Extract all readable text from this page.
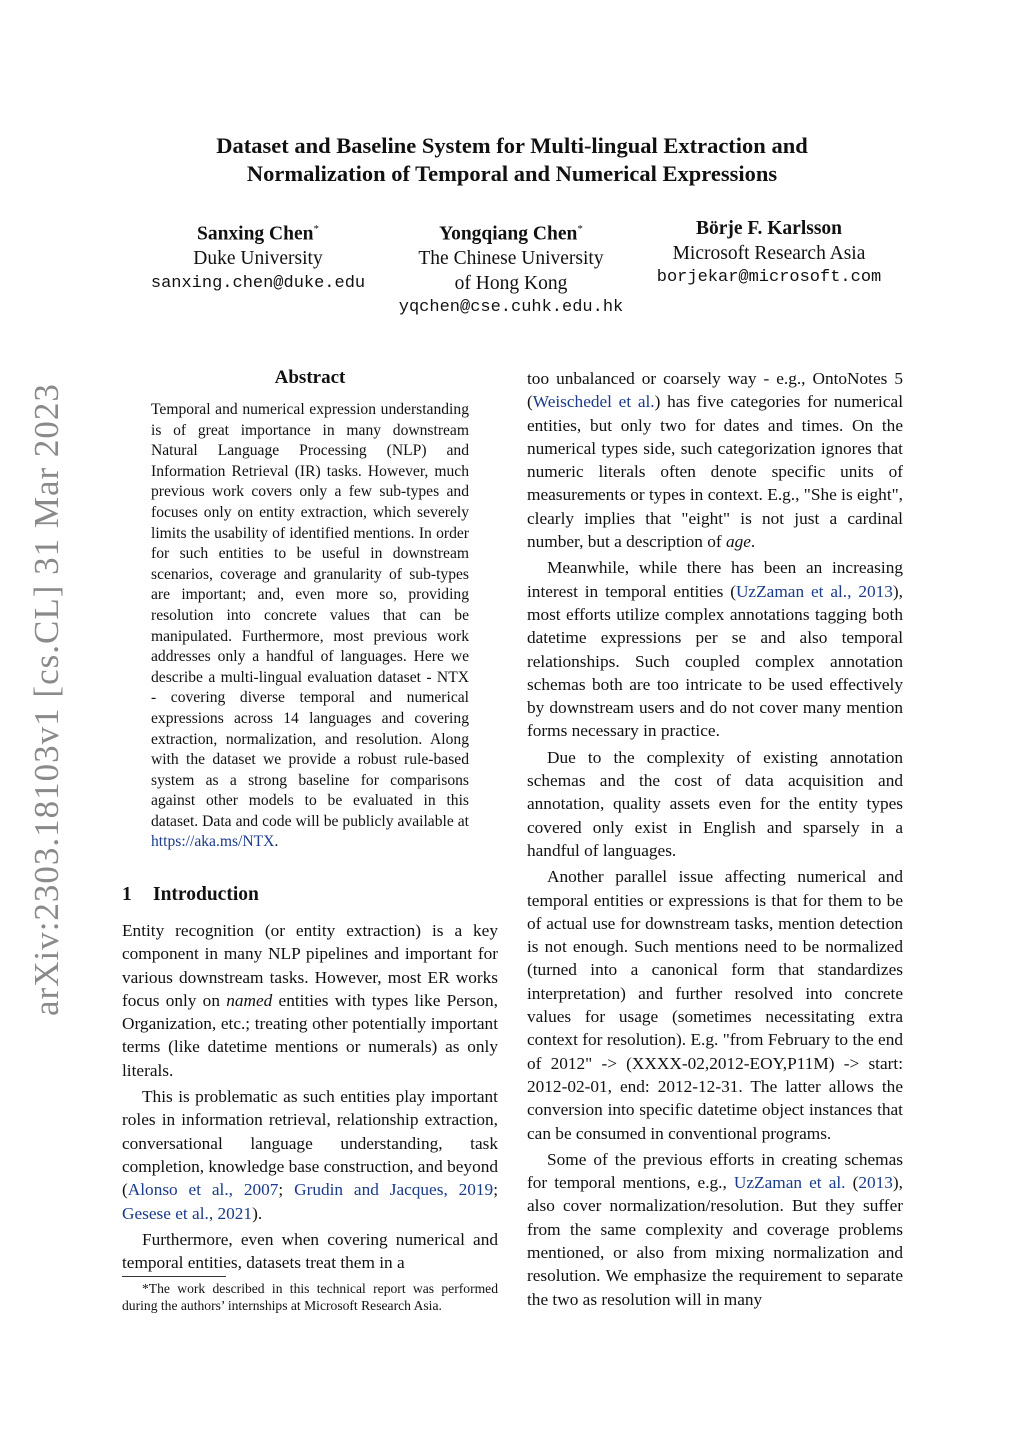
arXiv:2303.18103v1 [cs.CL] 31 Mar 2023
Dataset and Baseline System for Multi-lingual Extraction and
Normalization of Temporal and Numerical Expressions
Sanxing Chen*
Duke University
sanxing.chen@duke.edu
Yongqiang Chen*
The Chinese University
of Hong Kong
yqchen@cse.cuhk.edu.hk
Börje F. Karlsson
Microsoft Research Asia
borjekar@microsoft.com
Abstract
Temporal and numerical expression understanding is of great importance in many downstream Natural Language Processing (NLP) and Information Retrieval (IR) tasks. However, much previous work covers only a few sub-types and focuses only on entity extraction, which severely limits the usability of identified mentions. In order for such entities to be useful in downstream scenarios, coverage and granularity of sub-types are important; and, even more so, providing resolution into concrete values that can be manipulated. Furthermore, most previous work addresses only a handful of languages. Here we describe a multi-lingual evaluation dataset - NTX - covering diverse temporal and numerical expressions across 14 languages and covering extraction, normalization, and resolution. Along with the dataset we provide a robust rule-based system as a strong baseline for comparisons against other models to be evaluated in this dataset. Data and code will be publicly available at https://aka.ms/NTX.
1 Introduction

Entity recognition (or entity extraction) is a key component in many NLP pipelines and important for various downstream tasks. However, most ER works focus only on named entities with types like Person, Organization, etc.; treating other potentially important terms (like datetime mentions or numerals) as only literals.

This is problematic as such entities play important roles in information retrieval, relationship extraction, conversational language understanding, task completion, knowledge base construction, and beyond (Alonso et al., 2007; Grudin and Jacques, 2019; Gesese et al., 2021).

Furthermore, even when covering numerical and temporal entities, datasets treat them in a

*The work described in this technical report was performed during the authors’ internships at Microsoft Research Asia.

too unbalanced or coarsely way - e.g., OntoNotes 5 (Weischedel et al.) has five categories for numerical entities, but only two for dates and times. On the numerical types side, such categorization ignores that numeric literals often denote specific units of measurements or types in context. E.g., "She is eight", clearly implies that "eight" is not just a cardinal number, but a description of age.

Meanwhile, while there has been an increasing interest in temporal entities (UzZaman et al., 2013), most efforts utilize complex annotations tagging both datetime expressions per se and also temporal relationships. Such coupled complex annotation schemas both are too intricate to be used effectively by downstream users and do not cover many mention forms necessary in practice.

Due to the complexity of existing annotation schemas and the cost of data acquisition and annotation, quality assets even for the entity types covered only exist in English and sparsely in a handful of languages.

Another parallel issue affecting numerical and temporal entities or expressions is that for them to be of actual use for downstream tasks, mention detection is not enough. Such mentions need to be normalized (turned into a canonical form that standardizes interpretation) and further resolved into concrete values for usage (sometimes necessitating extra context for resolution). E.g. "from February to the end of 2012" -> (XXXX-02,2012-EOY,P11M) -> start: 2012-02-01, end: 2012-12-31. The latter allows the conversion into specific datetime object instances that can be consumed in conventional programs.

Some of the previous efforts in creating schemas for temporal mentions, e.g., UzZaman et al. (2013), also cover normalization/resolution. But they suffer from the same complexity and coverage problems mentioned, or also from mixing normalization and resolution. We emphasize the requirement to separate the two as resolution will in many
